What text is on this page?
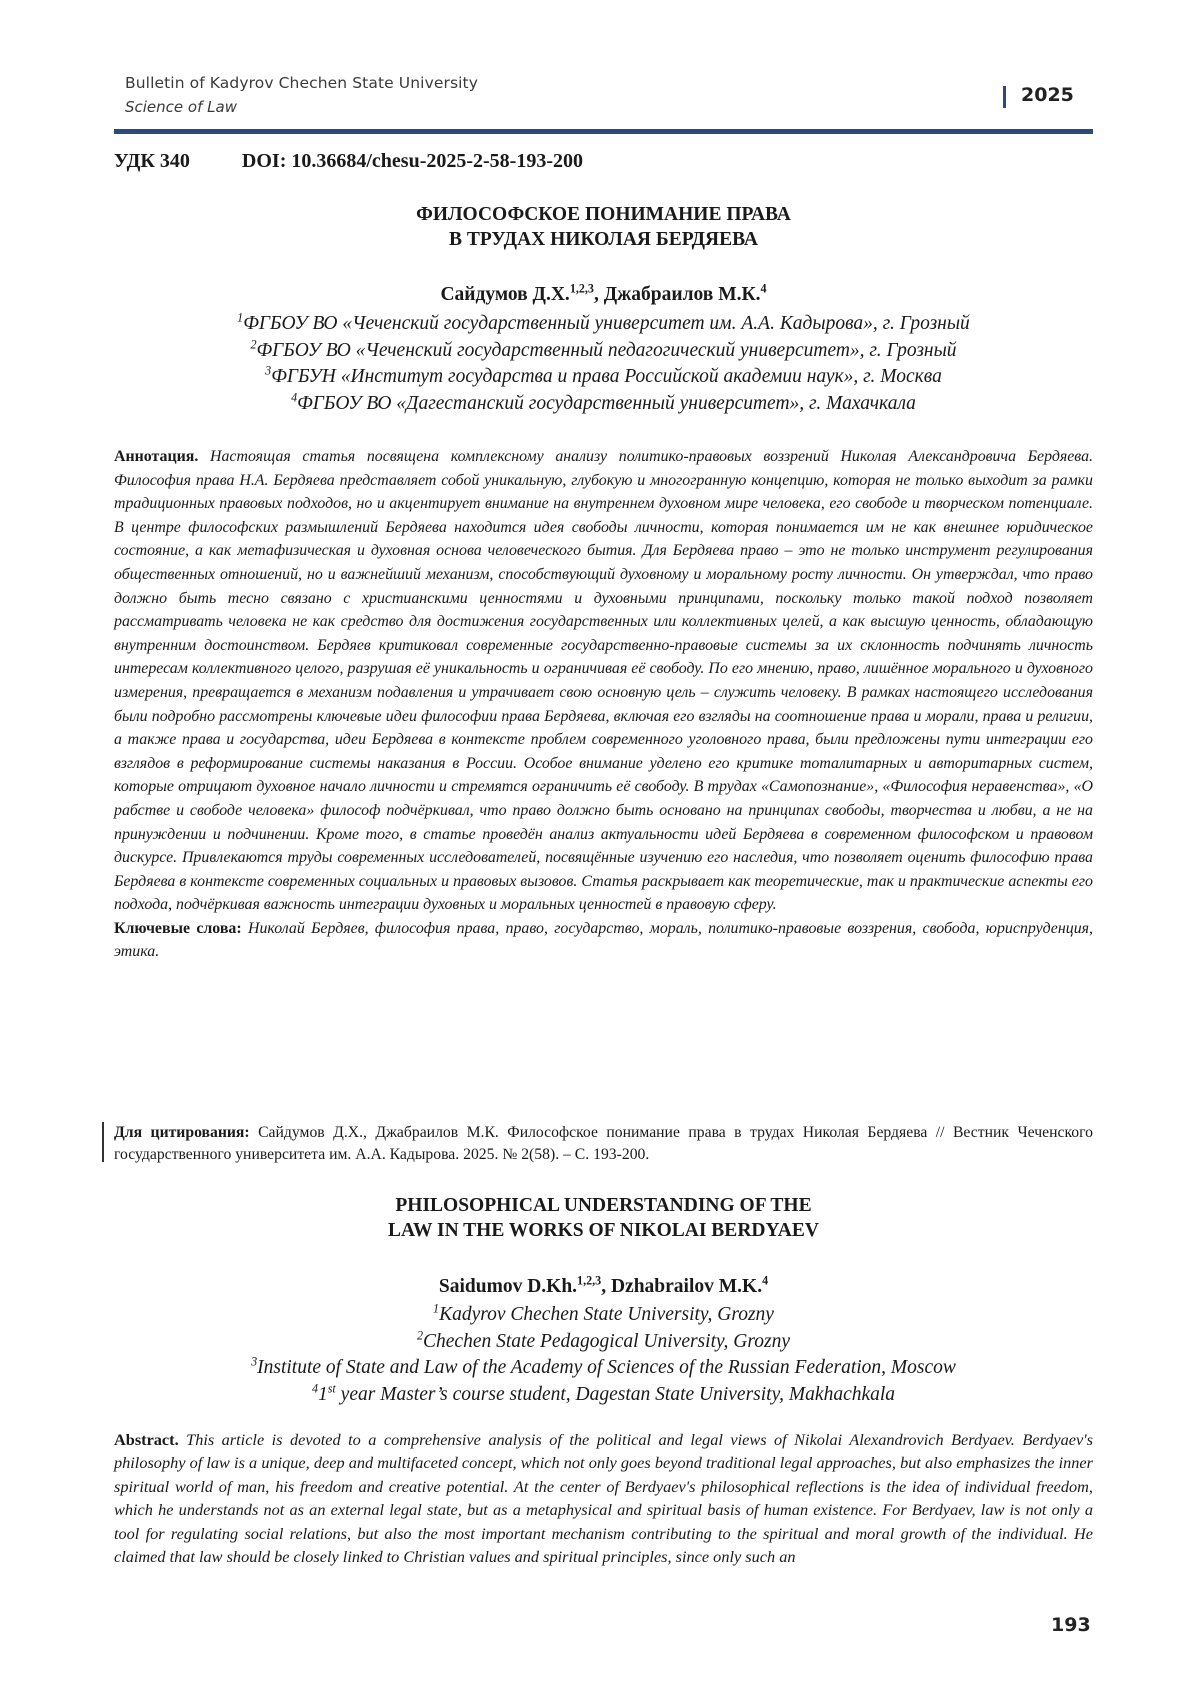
Bulletin of Kadyrov Chechen State University
Science of Law
2025
УДК 340	DOI: 10.36684/chesu-2025-2-58-193-200
ФИЛОСОФСКОЕ ПОНИМАНИЕ ПРАВА
В ТРУДАХ НИКОЛАЯ БЕРДЯЕВА
Сайдумов Д.Х.1,2,3, Джабраилов М.К.4
1ФГБОУ ВО «Чеченский государственный университет им. А.А. Кадырова», г. Грозный
2ФГБОУ ВО «Чеченский государственный педагогический университет», г. Грозный
3ФГБУН «Институт государства и права Российской академии наук», г. Москва
4ФГБОУ ВО «Дагестанский государственный университет», г. Махачкала
Аннотация. Настоящая статья посвящена комплексному анализу политико-правовых воззрений Николая Александровича Бердяева. Философия права Н.А. Бердяева представляет собой уникальную, глубокую и многогранную концепцию, которая не только выходит за рамки традиционных правовых подходов, но и акцентирует внимание на внутреннем духовном мире человека, его свободе и творческом потенциале. В центре философских размышлений Бердяева находится идея свободы личности, которая понимается им не как внешнее юридическое состояние, а как метафизическая и духовная основа человеческого бытия. Для Бердяева право – это не только инструмент регулирования общественных отношений, но и важнейший механизм, способствующий духовному и моральному росту личности. Он утверждал, что право должно быть тесно связано с христианскими ценностями и духовными принципами, поскольку только такой подход позволяет рассматривать человека не как средство для достижения государственных или коллективных целей, а как высшую ценность, обладающую внутренним достоинством. Бердяев критиковал современные государственно-правовые системы за их склонность подчинять личность интересам коллективного целого, разрушая её уникальность и ограничивая её свободу. По его мнению, право, лишённое морального и духовного измерения, превращается в механизм подавления и утрачивает свою основную цель – служить человеку. В рамках настоящего исследования были подробно рассмотрены ключевые идеи философии права Бердяева, включая его взгляды на соотношение права и морали, права и религии, а также права и государства, идеи Бердяева в контексте проблем современного уголовного права, были предложены пути интеграции его взглядов в реформирование системы наказания в России. Особое внимание уделено его критике тоталитарных и авторитарных систем, которые отрицают духовное начало личности и стремятся ограничить её свободу. В трудах «Самопознание», «Философия неравенства», «О рабстве и свободе человека» философ подчёркивал, что право должно быть основано на принципах свободы, творчества и любви, а не на принуждении и подчинении. Кроме того, в статье проведён анализ актуальности идей Бердяева в современном философском и правовом дискурсе. Привлекаются труды современных исследователей, посвящённые изучению его наследия, что позволяет оценить философию права Бердяева в контексте современных социальных и правовых вызовов. Статья раскрывает как теоретические, так и практические аспекты его подхода, подчёркивая важность интеграции духовных и моральных ценностей в правовую сферу.
Ключевые слова: Николай Бердяев, философия права, право, государство, мораль, политико-правовые воззрения, свобода, юриспруденция, этика.
Для цитирования: Сайдумов Д.Х., Джабраилов М.К. Философское понимание права в трудах Николая Бердяева // Вестник Чеченского государственного университета им. А.А. Кадырова. 2025. № 2(58). – С. 193-200.
PHILOSOPHICAL UNDERSTANDING OF THE
LAW IN THE WORKS OF NIKOLAI BERDYAEV
Saidumov D.Kh.1,2,3, Dzhabrailov M.K.4
1Kadyrov Chechen State University, Grozny
2Chechen State Pedagogical University, Grozny
3Institute of State and Law of the Academy of Sciences of the Russian Federation, Moscow
41st year Master’s course student, Dagestan State University, Makhachkala
Abstract. This article is devoted to a comprehensive analysis of the political and legal views of Nikolai Alexandrovich Berdyaev. Berdyaev's philosophy of law is a unique, deep and multifaceted concept, which not only goes beyond traditional legal approaches, but also emphasizes the inner spiritual world of man, his freedom and creative potential. At the center of Berdyaev's philosophical reflections is the idea of individual freedom, which he understands not as an external legal state, but as a metaphysical and spiritual basis of human existence. For Berdyaev, law is not only a tool for regulating social relations, but also the most important mechanism contributing to the spiritual and moral growth of the individual. He claimed that law should be closely linked to Christian values and spiritual principles, since only such an
193
